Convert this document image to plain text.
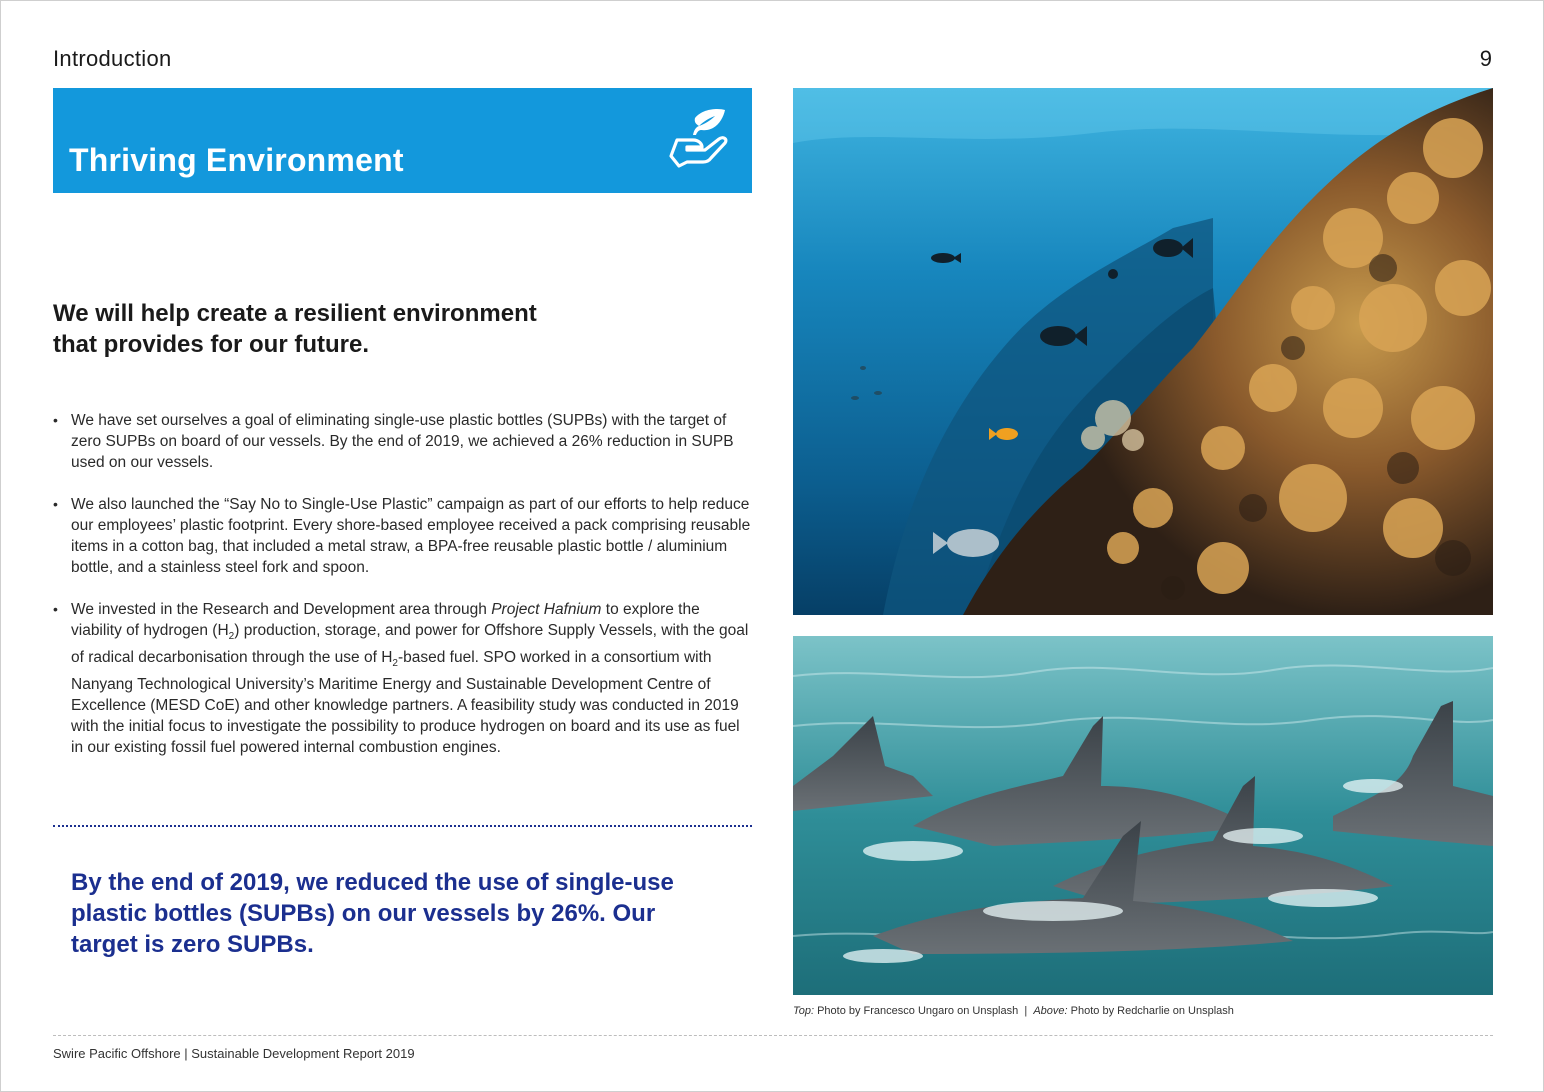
Introduction	9
Thriving Environment
We will help create a resilient environment
that provides for our future.
• We have set ourselves a goal of eliminating single-use plastic bottles (SUPBs) with the target of zero SUPBs on board of our vessels. By the end of 2019, we achieved a 26% reduction in SUPB used on our vessels.
• We also launched the “Say No to Single-Use Plastic” campaign as part of our efforts to help reduce our employees’ plastic footprint. Every shore-based employee received a pack comprising reusable items in a cotton bag, that included a metal straw, a BPA-free reusable plastic bottle / aluminium bottle, and a stainless steel fork and spoon.
• We invested in the Research and Development area through Project Hafnium to explore the viability of hydrogen $(H_2)$ production, storage, and power for Offshore Supply Vessels, with the goal of radical decarbonisation through the use of $H_2$-based fuel. SPO worked in a consortium with Nanyang Technological University’s Maritime Energy and Sustainable Development Centre of Excellence (MESD CoE) and other knowledge partners. A feasibility study was conducted in 2019 with the initial focus to investigate the possibility to produce hydrogen on board and its use as fuel in our existing fossil fuel powered internal combustion engines.
By the end of 2019, we reduced the use of single-use plastic bottles (SUPBs) on our vessels by 26%. Our target is zero SUPBs.
Top: Photo by Francesco Ungaro on Unsplash  |  Above: Photo by Redcharlie on Unsplash
Swire Pacific Offshore | Sustainable Development Report 2019
